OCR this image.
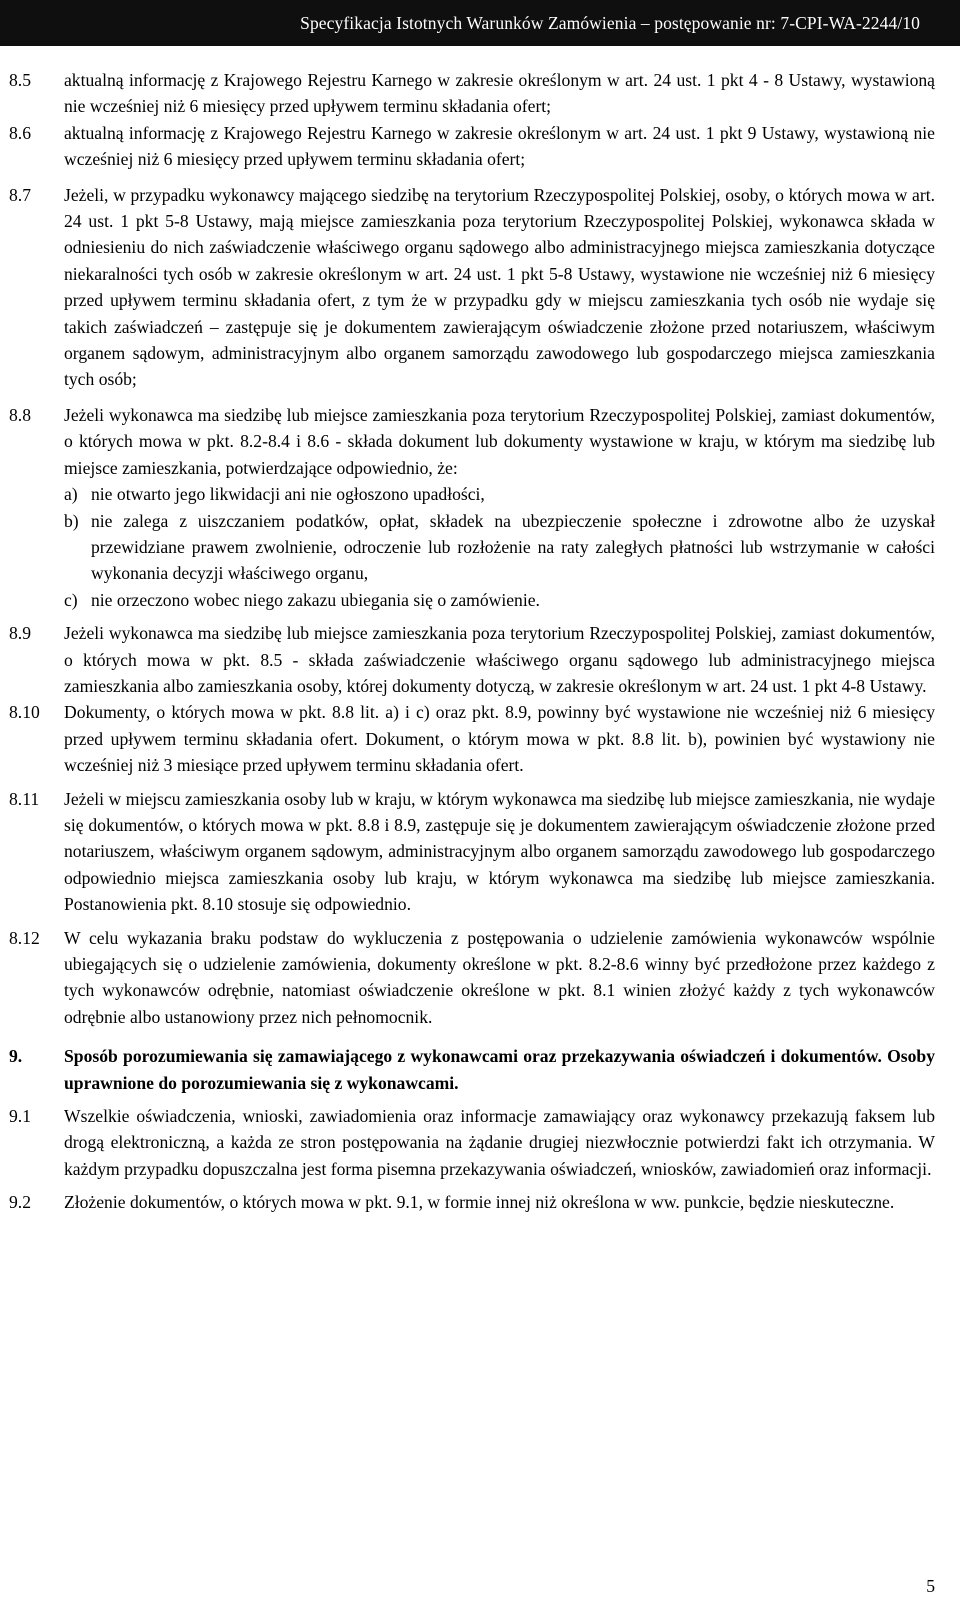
Specyfikacja Istotnych Warunków Zamówienia – postępowanie nr: 7-CPI-WA-2244/10
8.5	aktualną informację z Krajowego Rejestru Karnego w zakresie określonym w art. 24 ust. 1 pkt 4 - 8 Ustawy, wystawioną nie wcześniej niż 6 miesięcy przed upływem terminu składania ofert;
8.6	aktualną informację z Krajowego Rejestru Karnego w zakresie określonym w art. 24 ust. 1 pkt 9 Ustawy, wystawioną nie wcześniej niż 6 miesięcy przed upływem terminu składania ofert;
8.7	Jeżeli, w przypadku wykonawcy mającego siedzibę na terytorium Rzeczypospolitej Polskiej, osoby, o których mowa w art. 24 ust. 1 pkt 5-8 Ustawy, mają miejsce zamieszkania poza terytorium Rzeczypospolitej Polskiej, wykonawca składa w odniesieniu do nich zaświadczenie właściwego organu sądowego albo administracyjnego miejsca zamieszkania dotyczące niekaralności tych osób w zakresie określonym w art. 24 ust. 1 pkt 5-8 Ustawy, wystawione nie wcześniej niż 6 miesięcy przed upływem terminu składania ofert, z tym że w przypadku gdy w miejscu zamieszkania tych osób nie wydaje się takich zaświadczeń – zastępuje się je dokumentem zawierającym oświadczenie złożone przed notariuszem, właściwym organem sądowym, administracyjnym albo organem samorządu zawodowego lub gospodarczego miejsca zamieszkania tych osób;
8.8	Jeżeli wykonawca ma siedzibę lub miejsce zamieszkania poza terytorium Rzeczypospolitej Polskiej, zamiast dokumentów, o których mowa w pkt. 8.2-8.4 i 8.6 - składa dokument lub dokumenty wystawione w kraju, w którym ma siedzibę lub miejsce zamieszkania, potwierdzające odpowiednio, że:
a) nie otwarto jego likwidacji ani nie ogłoszono upadłości,
b) nie zalega z uiszczaniem podatków, opłat, składek na ubezpieczenie społeczne i zdrowotne albo że uzyskał przewidziane prawem zwolnienie, odroczenie lub rozłożenie na raty zaległych płatności lub wstrzymanie w całości wykonania decyzji właściwego organu,
c) nie orzeczono wobec niego zakazu ubiegania się o zamówienie.
8.9	Jeżeli wykonawca ma siedzibę lub miejsce zamieszkania poza terytorium Rzeczypospolitej Polskiej, zamiast dokumentów, o których mowa w pkt. 8.5 - składa zaświadczenie właściwego organu sądowego lub administracyjnego miejsca zamieszkania albo zamieszkania osoby, której dokumenty dotyczą, w zakresie określonym w art. 24 ust. 1 pkt 4-8 Ustawy.
8.10	Dokumenty, o których mowa w pkt. 8.8 lit. a) i c) oraz pkt. 8.9, powinny być wystawione nie wcześniej niż 6 miesięcy przed upływem terminu składania ofert. Dokument, o którym mowa w pkt. 8.8 lit. b), powinien być wystawiony nie wcześniej niż 3 miesiące przed upływem terminu składania ofert.
8.11	Jeżeli w miejscu zamieszkania osoby lub w kraju, w którym wykonawca ma siedzibę lub miejsce zamieszkania, nie wydaje się dokumentów, o których mowa w pkt. 8.8 i 8.9, zastępuje się je dokumentem zawierającym oświadczenie złożone przed notariuszem, właściwym organem sądowym, administracyjnym albo organem samorządu zawodowego lub gospodarczego odpowiednio miejsca zamieszkania osoby lub kraju, w którym wykonawca ma siedzibę lub miejsce zamieszkania. Postanowienia pkt. 8.10 stosuje się odpowiednio.
8.12	W celu wykazania braku podstaw do wykluczenia z postępowania o udzielenie zamówienia wykonawców wspólnie ubiegających się o udzielenie zamówienia, dokumenty określone w pkt. 8.2-8.6 winny być przedłożone przez każdego z tych wykonawców odrębnie, natomiast oświadczenie określone w pkt. 8.1 winien złożyć każdy z tych wykonawców odrębnie albo ustanowiony przez nich pełnomocnik.
9.	Sposób porozumiewania się zamawiającego z wykonawcami oraz przekazywania oświadczeń i dokumentów. Osoby uprawnione do porozumiewania się z wykonawcami.
9.1	Wszelkie oświadczenia, wnioski, zawiadomienia oraz informacje zamawiający oraz wykonawcy przekazują faksem lub drogą elektroniczną, a każda ze stron postępowania na żądanie drugiej niezwłocznie potwierdzi fakt ich otrzymania. W każdym przypadku dopuszczalna jest forma pisemna przekazywania oświadczeń, wniosków, zawiadomień oraz informacji.
9.2	Złożenie dokumentów, o których mowa w pkt. 9.1, w formie innej niż określona w ww. punkcie, będzie nieskuteczne.
5
